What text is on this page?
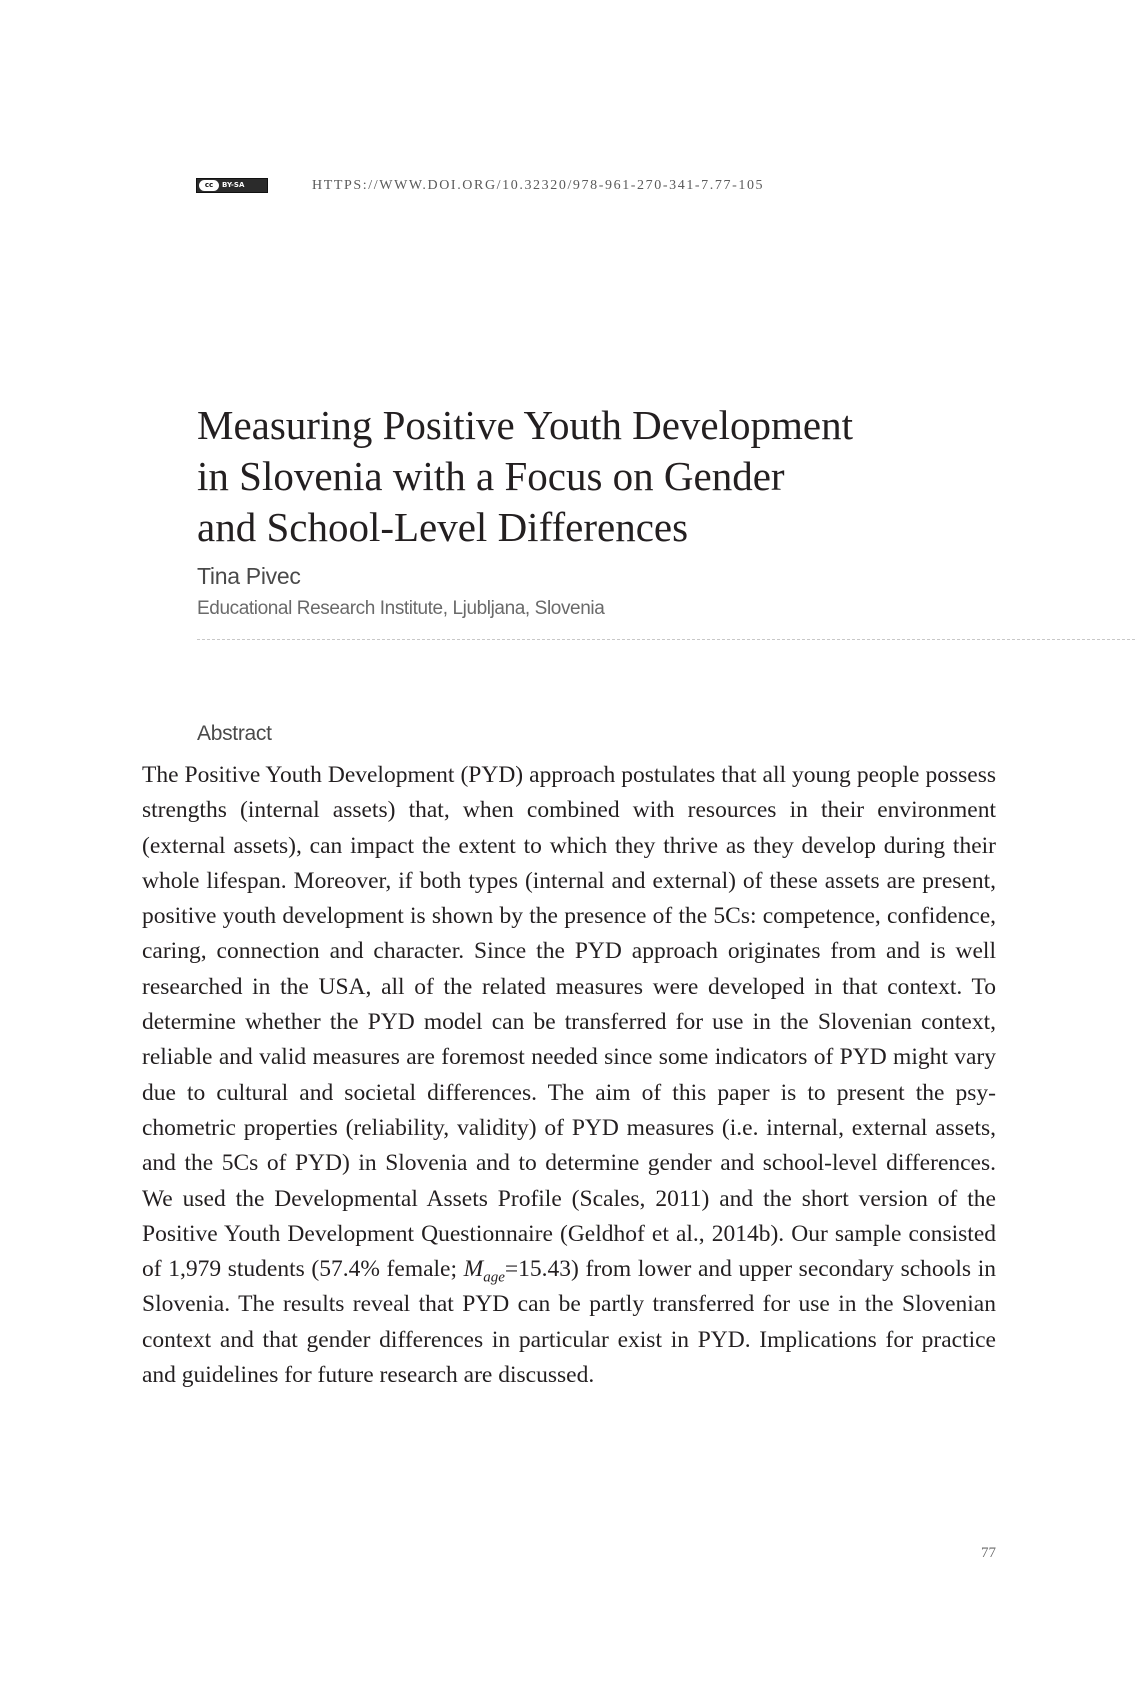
cc	BY-SA	HTTPS://WWW.DOI.ORG/10.32320/978-961-270-341-7.77-105
Measuring Positive Youth Development
in Slovenia with a Focus on Gender
and School-Level Differences
Tina Pivec
Educational Research Institute, Ljubljana, Slovenia
Abstract

The Positive Youth Development (PYD) approach postulates that all young people possess strengths (internal assets) that, when combined with resources in their environment (external assets), can impact the extent to which they thrive as they develop during their whole lifespan. Moreover, if both types (internal and external) of these assets are present, positive youth development is shown by the presence of the 5Cs: competence, confidence, caring, connection and character. Since the PYD approach originates from and is well researched in the USA, all of the related measures were developed in that context. To determine whether the PYD model can be transferred for use in the Slovenian context, reliable and valid measures are foremost needed since some indicators of PYD might vary due to cultural and societal differences. The aim of this paper is to present the psychometric properties (reliability, validity) of PYD measures (i.e. internal, external assets, and the 5Cs of PYD) in Slovenia and to determine gender and school-level differences. We used the Developmental Assets Profile (Scales, 2011) and the short version of the Positive Youth Development Questionnaire (Geldhof et al., 2014b). Our sample consisted of 1,979 students (57.4% female; $M_{age}=15.43$) from lower and upper secondary schools in Slovenia. The results reveal that PYD can be partly transferred for use in the Slovenian context and that gender differences in particular exist in PYD. Implications for practice and guidelines for future research are discussed.

77
